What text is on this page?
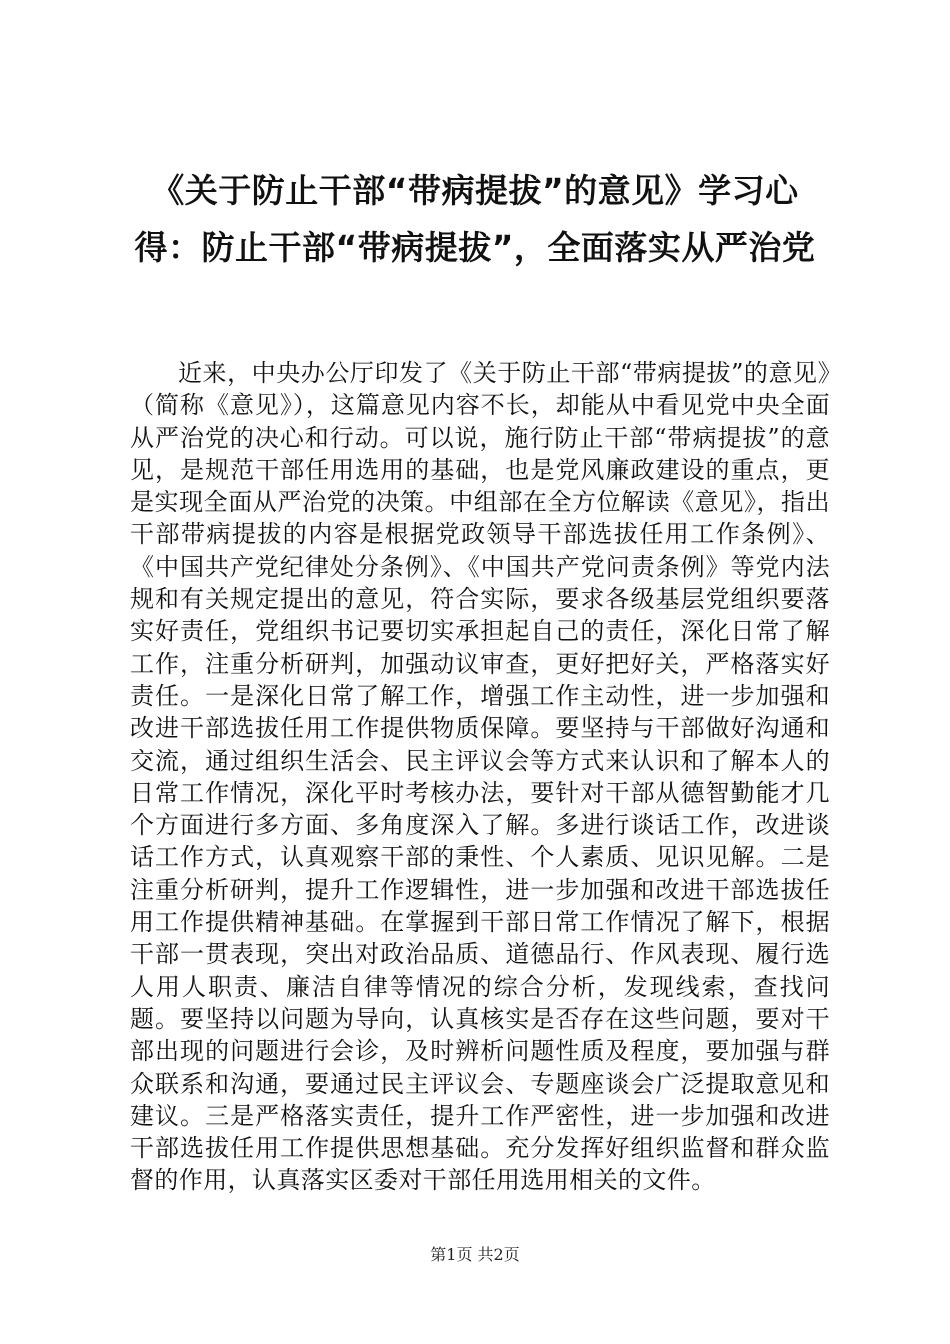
《关于防止干部“带病提拔”的意见》学习心得：防止干部“带病提拔”，全面落实从严治党

近来，中央办公厅印发了《关于防止干部“带病提拔”的意见》（简称《意见》），这篇意见内容不长，却能从中看见党中央全面从严治党的决心和行动。可以说，施行防止干部“带病提拔”的意见，是规范干部任用选用的基础，也是党风廉政建设的重点，更是实现全面从严治党的决策。中组部在全方位解读《意见》，指出干部带病提拔的内容是根据党政领导干部选拔任用工作条例》、《中国共产党纪律处分条例》、《中国共产党问责条例》等党内法规和有关规定提出的意见，符合实际，要求各级基层党组织要落实好责任，党组织书记要切实承担起自己的责任，深化日常了解工作，注重分析研判，加强动议审查，更好把好关，严格落实好责任。一是深化日常了解工作，增强工作主动性，进一步加强和改进干部选拔任用工作提供物质保障。要坚持与干部做好沟通和交流，通过组织生活会、民主评议会等方式来认识和了解本人的日常工作情况，深化平时考核办法，要针对干部从德智勤能才几个方面进行多方面、多角度深入了解。多进行谈话工作，改进谈话工作方式，认真观察干部的秉性、个人素质、见识见解。二是注重分析研判，提升工作逻辑性，进一步加强和改进干部选拔任用工作提供精神基础。在掌握到干部日常工作情况了解下，根据干部一贯表现，突出对政治品质、道德品行、作风表现、履行选人用人职责、廉洁自律等情况的综合分析，发现线索，查找问题。要坚持以问题为导向，认真核实是否存在这些问题，要对干部出现的问题进行会诊，及时辨析问题性质及程度，要加强与群众联系和沟通，要通过民主评议会、专题座谈会广泛提取意见和建议。三是严格落实责任，提升工作严密性，进一步加强和改进干部选拔任用工作提供思想基础。充分发挥好组织监督和群众监督的作用，认真落实区委对干部任用选用相关的文件。

第1页 共2页
